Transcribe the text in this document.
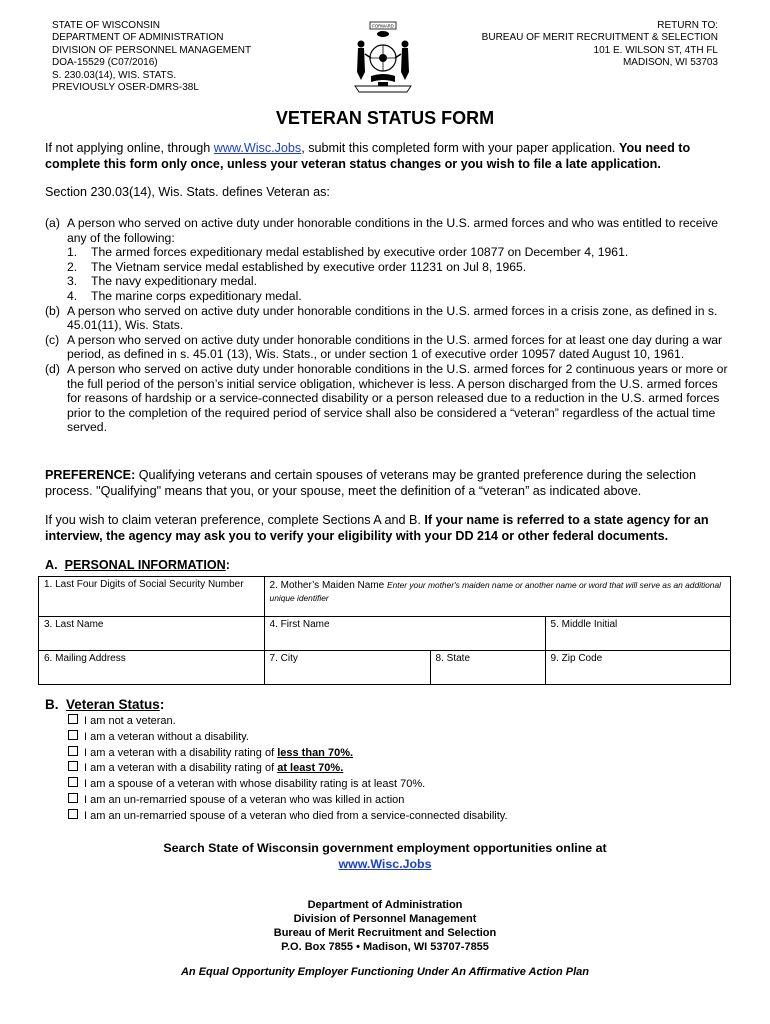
STATE OF WISCONSIN
DEPARTMENT OF ADMINISTRATION
DIVISION OF PERSONNEL MANAGEMENT
DOA-15529 (C07/2016)
S. 230.03(14), WIS. STATS.
PREVIOUSLY OSER-DMRS-38L
FORWARD	RETURN TO:
BUREAU OF MERIT RECRUITMENT & SELECTION
101 E. WILSON ST, 4TH FL
MADISON, WI 53703
VETERAN STATUS FORM
If not applying online, through www.Wisc.Jobs, submit this completed form with your paper application. You need to complete this form only once, unless your veteran status changes or you wish to file a late application.
Section 230.03(14), Wis. Stats. defines Veteran as:
(a) A person who served on active duty under honorable conditions in the U.S. armed forces and who was entitled to receive any of the following:
1. The armed forces expeditionary medal established by executive order 10877 on December 4, 1961.
2. The Vietnam service medal established by executive order 11231 on Jul 8, 1965.
3. The navy expeditionary medal.
4. The marine corps expeditionary medal.
(b) A person who served on active duty under honorable conditions in the U.S. armed forces in a crisis zone, as defined in s. 45.01(11), Wis. Stats.
(c) A person who served on active duty under honorable conditions in the U.S. armed forces for at least one day during a war period, as defined in s. 45.01 (13), Wis. Stats., or under section 1 of executive order 10957 dated August 10, 1961.
(d) A person who served on active duty under honorable conditions in the U.S. armed forces for 2 continuous years or more or the full period of the person’s initial service obligation, whichever is less. A person discharged from the U.S. armed forces for reasons of hardship or a service-connected disability or a person released due to a reduction in the U.S. armed forces prior to the completion of the required period of service shall also be considered a “veteran” regardless of the actual time served.
PREFERENCE: Qualifying veterans and certain spouses of veterans may be granted preference during the selection process. "Qualifying" means that you, or your spouse, meet the definition of a “veteran” as indicated above.
If you wish to claim veteran preference, complete Sections A and B. If your name is referred to a state agency for an interview, the agency may ask you to verify your eligibility with your DD 214 or other federal documents.
A. PERSONAL INFORMATION:
1. Last Four Digits of Social Security Number	2. Mother’s Maiden Name Enter your mother's maiden name or another name or word that will serve as an additional unique identifier		
3. Last Name	4. First Name		5. Middle Initial
6. Mailing Address	7. City	8. State	9. Zip Code
B. Veteran Status:
I am not a veteran.
I am a veteran without a disability.
I am a veteran with a disability rating of less than 70%.
I am a veteran with a disability rating of at least 70%.
I am a spouse of a veteran with whose disability rating is at least 70%.
I am an un-remarried spouse of a veteran who was killed in action
I am an un-remarried spouse of a veteran who died from a service-connected disability.
Search State of Wisconsin government employment opportunities online at
www.Wisc.Jobs
Department of Administration
Division of Personnel Management
Bureau of Merit Recruitment and Selection
P.O. Box 7855 • Madison, WI 53707-7855
An Equal Opportunity Employer Functioning Under An Affirmative Action Plan
